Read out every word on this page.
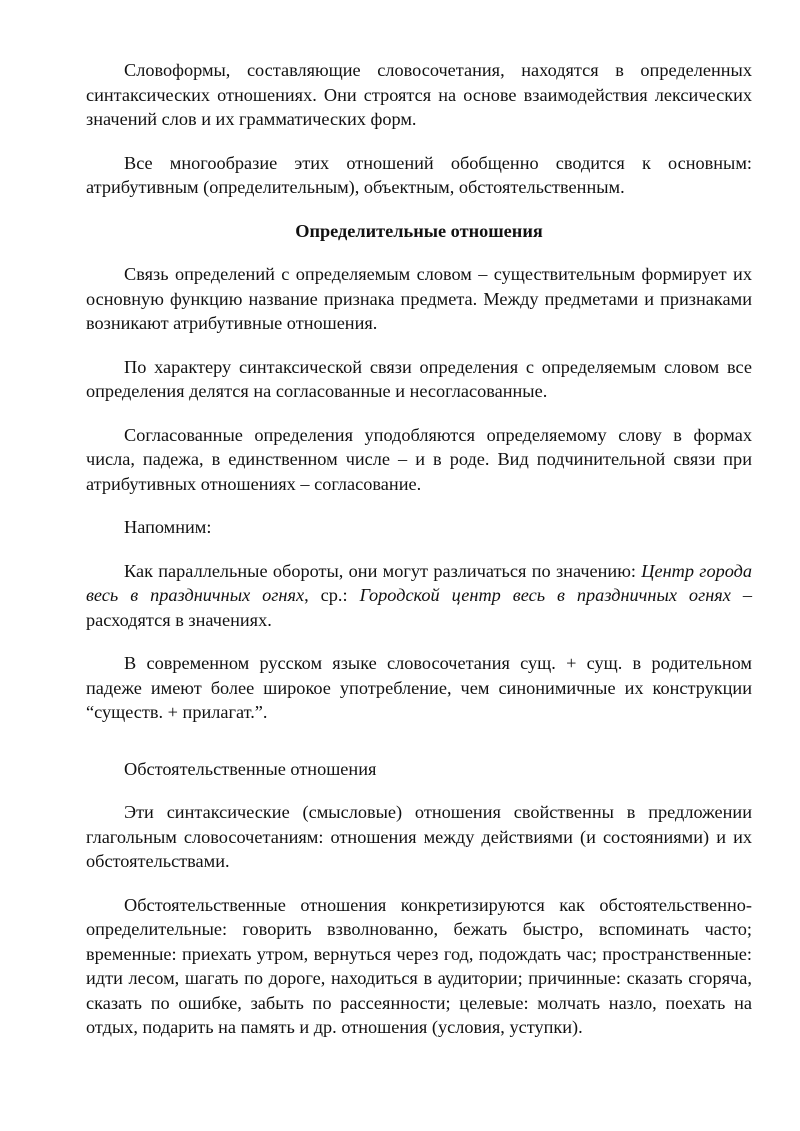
Словоформы, составляющие словосочетания, находятся в определенных синтаксических отношениях. Они строятся на основе взаимодействия лексических значений слов и их грамматических форм.

Все многообразие этих отношений обобщенно сводится к основным: атрибутивным (определительным), объектным, обстоятельственным.

Определительные отношения

Связь определений с определяемым словом – существительным формирует их основную функцию название признака предмета. Между предметами и признаками возникают атрибутивные отношения.

По характеру синтаксической связи определения с определяемым словом все определения делятся на согласованные и несогласованные.

Согласованные определения уподобляются определяемому слову в формах числа, падежа, в единственном числе – и в роде. Вид подчинительной связи при атрибутивных отношениях – согласование.

Напомним:

Как параллельные обороты, они могут различаться по значению: Центр города весь в праздничных огнях, ср.: Городской центр весь в праздничных огнях – расходятся в значениях.

В современном русском языке словосочетания сущ. + сущ. в родительном падеже имеют более широкое употребление, чем синонимичные их конструкции “существ. + прилагат.”.

Обстоятельственные отношения

Эти синтаксические (смысловые) отношения свойственны в предложении глагольным словосочетаниям: отношения между действиями (и состояниями) и их обстоятельствами.

Обстоятельственные отношения конкретизируются как обстоятельственно-определительные: говорить взволнованно, бежать быстро, вспоминать часто; временные: приехать утром, вернуться через год, подождать час; пространственные: идти лесом, шагать по дороге, находиться в аудитории; причинные: сказать сгоряча, сказать по ошибке, забыть по рассеянности; целевые: молчать назло, поехать на отдых, подарить на память и др. отношения (условия, уступки).
